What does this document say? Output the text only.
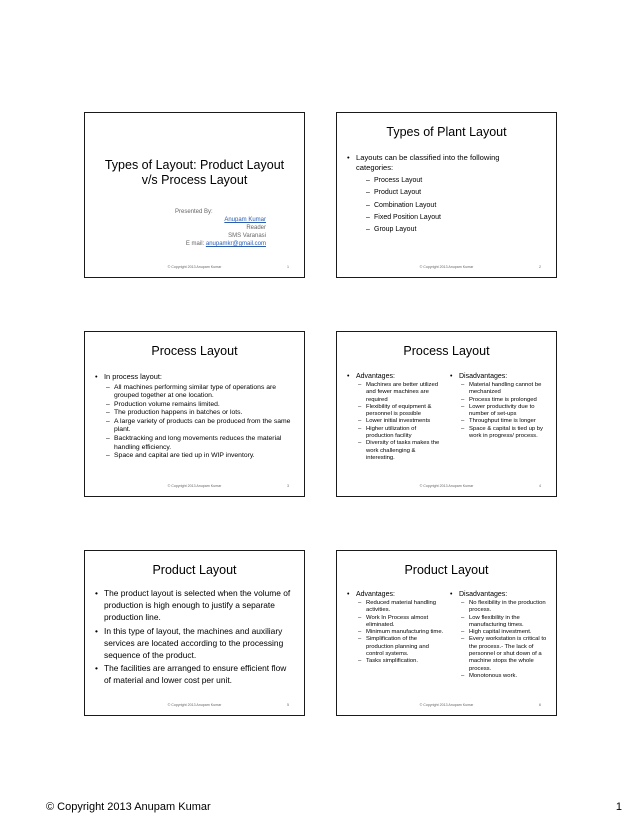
Types of Layout: Product Layout
v/s Process Layout
Presented By:
Anupam Kumar
Reader
SMS Varanasi
E mail: anupamkr@gmail.com
© Copyright 2013 Anupam Kumar	1
Types of Plant Layout
• Layouts can be classified into the following categories:
– Process Layout
– Product Layout
– Combination Layout
– Fixed Position Layout
– Group Layout
© Copyright 2013 Anupam Kumar	2
Process Layout
• In process layout:
– All machines performing similar type of operations are grouped together at one location.
– Production volume remains limited.
– The production happens in batches or lots.
– A large variety of products can be produced from the same plant.
– Backtracking and long movements reduces the material handling efficiency.
– Space and capital are tied up in WIP inventory.
© Copyright 2013 Anupam Kumar	3
Process Layout
• Advantages:
– Machines are better utilized and fewer machines are required
– Flexibility of equipment & personnel is possible
– Lower initial investments
– Higher utilization of production facility
– Diversity of tasks makes the work challenging & interesting.
• Disadvantages:
– Material handling cannot be mechanized
– Process time is prolonged
– Lower productivity due to number of set-ups
– Throughput time is longer
– Space & capital is tied up by work in progress/ process.
© Copyright 2013 Anupam Kumar	4
Product Layout
• The product layout is selected when the volume of production is high enough to justify a separate production line.
• In this type of layout, the machines and auxiliary services are located according to the processing sequence of the product.
• The facilities are arranged to ensure efficient flow of material and lower cost per unit.
© Copyright 2013 Anupam Kumar	5
Product Layout
• Advantages:
– Reduced material handling activities.
– Work In Process almost eliminated.
– Minimum manufacturing time.
– Simplification of the production planning and control systems.
– Tasks simplification.
• Disadvantages:
– No flexibility in the production process.
– Low flexibility in the manufacturing times.
– High capital investment.
– Every workstation is critical to the process.- The lack of personnel or shut down of a machine stops the whole process.
– Monotonous work.
© Copyright 2013 Anupam Kumar	6
© Copyright 2013 Anupam Kumar	1
